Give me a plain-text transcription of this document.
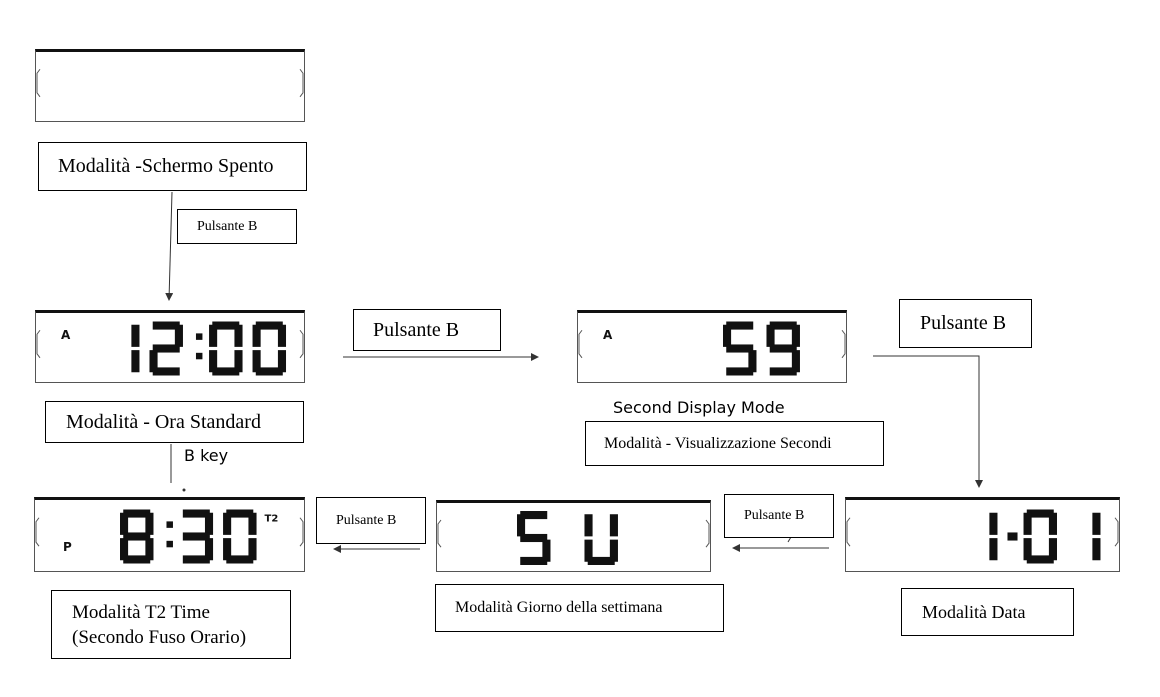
A	A
P
T2
Modalità -Schermo Spento
Modalità - Ora Standard
Modalità - Visualizzazione Secondi
Modalità Data
Modalità Giorno della settimana
Modalità T2 Time
(Secondo Fuso Orario)
Pulsante B
Pulsante B	Pulsante B
Pulsante B
Pulsante B
Second Display Mode
B key
